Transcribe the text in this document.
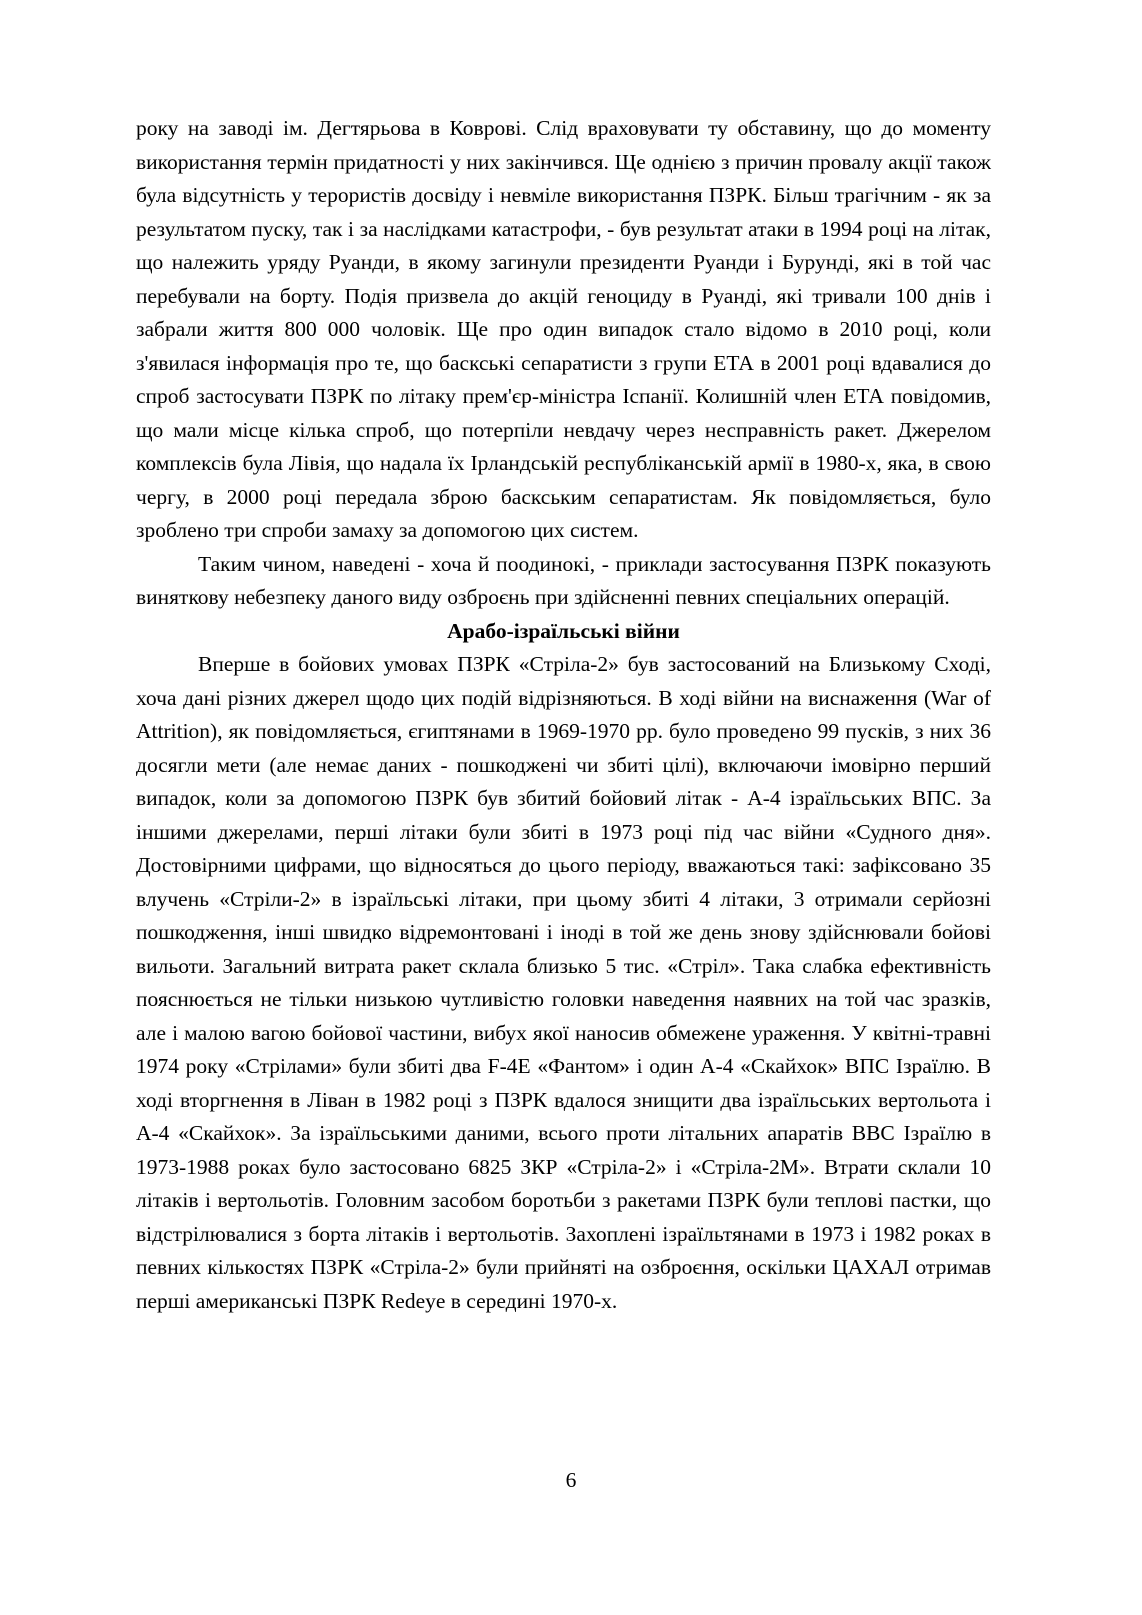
року на заводі ім. Дегтярьова в Коврові. Слід враховувати ту обставину, що до моменту використання термін придатності у них закінчився. Ще однією з причин провалу акції також була відсутність у терористів досвіду і невміле використання ПЗРК. Більш трагічним - як за результатом пуску, так і за наслідками катастрофи, - був результат атаки в 1994 році на літак, що належить уряду Руанди, в якому загинули президенти Руанди і Бурунді, які в той час перебували на борту. Подія призвела до акцій геноциду в Руанді, які тривали 100 днів і забрали життя 800 000 чоловік. Ще про один випадок стало відомо в 2010 році, коли з'явилася інформація про те, що баскські сепаратисти з групи ЕТА в 2001 році вдавалися до спроб застосувати ПЗРК по літаку прем'єр-міністра Іспанії. Колишній член ЕТА повідомив, що мали місце кілька спроб, що потерпіли невдачу через несправність ракет. Джерелом комплексів була Лівія, що надала їх Ірландській республіканській армії в 1980-х, яка, в свою чергу, в 2000 році передала зброю баскським сепаратистам. Як повідомляється, було зроблено три спроби замаху за допомогою цих систем.

Таким чином, наведені - хоча й поодинокі, - приклади застосування ПЗРК показують виняткову небезпеку даного виду озброєнь при здійсненні певних спеціальних операцій.

Арабо-ізраїльські війни

Вперше в бойових умовах ПЗРК «Стріла-2» був застосований на Близькому Сході, хоча дані різних джерел щодо цих подій відрізняються. В ході війни на виснаження (War of Attrition), як повідомляється, єгиптянами в 1969-1970 рр. було проведено 99 пусків, з них 36 досягли мети (але немає даних - пошкоджені чи збиті цілі), включаючи імовірно перший випадок, коли за допомогою ПЗРК був збитий бойовий літак - А-4 ізраїльських ВПС. За іншими джерелами, перші літаки були збиті в 1973 році під час війни «Судного дня». Достовірними цифрами, що відносяться до цього періоду, вважаються такі: зафіксовано 35 влучень «Стріли-2» в ізраїльські літаки, при цьому збиті 4 літаки, 3 отримали серйозні пошкодження, інші швидко відремонтовані і іноді в той же день знову здійснювали бойові вильоти. Загальний витрата ракет склала близько 5 тис. «Стріл». Така слабка ефективність пояснюється не тільки низькою чутливістю головки наведення наявних на той час зразків, але і малою вагою бойової частини, вибух якої наносив обмежене ураження. У квітні-травні 1974 року «Стрілами» були збиті два F-4E «Фантом» і один А-4 «Скайхок» ВПС Ізраїлю. В ході вторгнення в Ліван в 1982 році з ПЗРК вдалося знищити два ізраїльських вертольота і А-4 «Скайхок». За ізраїльськими даними, всього проти літальних апаратів ВВС Ізраїлю в 1973-1988 роках було застосовано 6825 ЗКР «Стріла-2» і «Стріла-2М». Втрати склали 10 літаків і вертольотів. Головним засобом боротьби з ракетами ПЗРК були теплові пастки, що відстрілювалися з борта літаків і вертольотів. Захоплені ізраїльтянами в 1973 і 1982 роках в певних кількостях ПЗРК «Стріла-2» були прийняті на озброєння, оскільки ЦАХАЛ отримав перші американські ПЗРК Redeye в середині 1970-х.

6
